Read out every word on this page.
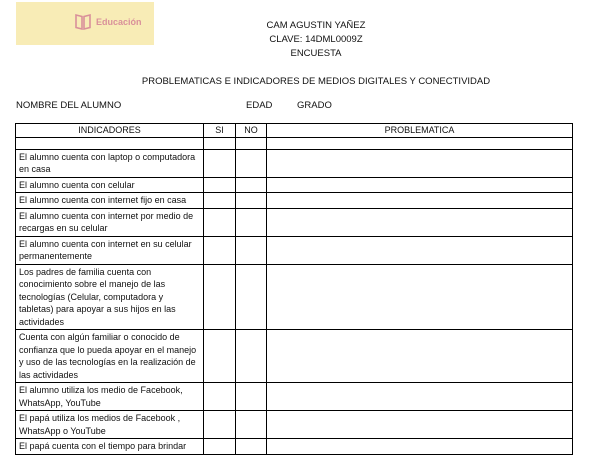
Educación	CAM AGUSTIN YAÑEZ
CLAVE: 14DML0009Z
ENCUESTA
PROBLEMATICAS E INDICADORES DE MEDIOS DIGITALES Y CONECTIVIDAD
NOMBRE DEL ALUMNO	EDAD	GRADO
INDICADORES	SI	NO	PROBLEMATICA

El alumno cuenta con laptop o computadora en casa			
El alumno cuenta con celular			
El alumno cuenta con internet fijo en casa			
El alumno cuenta con internet por medio de recargas en su celular			
El alumno cuenta con internet en su celular permanentemente			
Los padres de familia cuenta con conocimiento sobre el manejo de las tecnologías (Celular, computadora y tabletas) para apoyar a sus hijos en las actividades			
Cuenta con algún familiar o conocido de confianza que lo pueda apoyar en el manejo y uso de las tecnologías en la realización de las actividades			
El alumno utiliza los medio de Facebook, WhatsApp, YouTube			
El papá utiliza los medios de Facebook , WhatsApp o YouTube			
El papá cuenta con el tiempo para brindar			
